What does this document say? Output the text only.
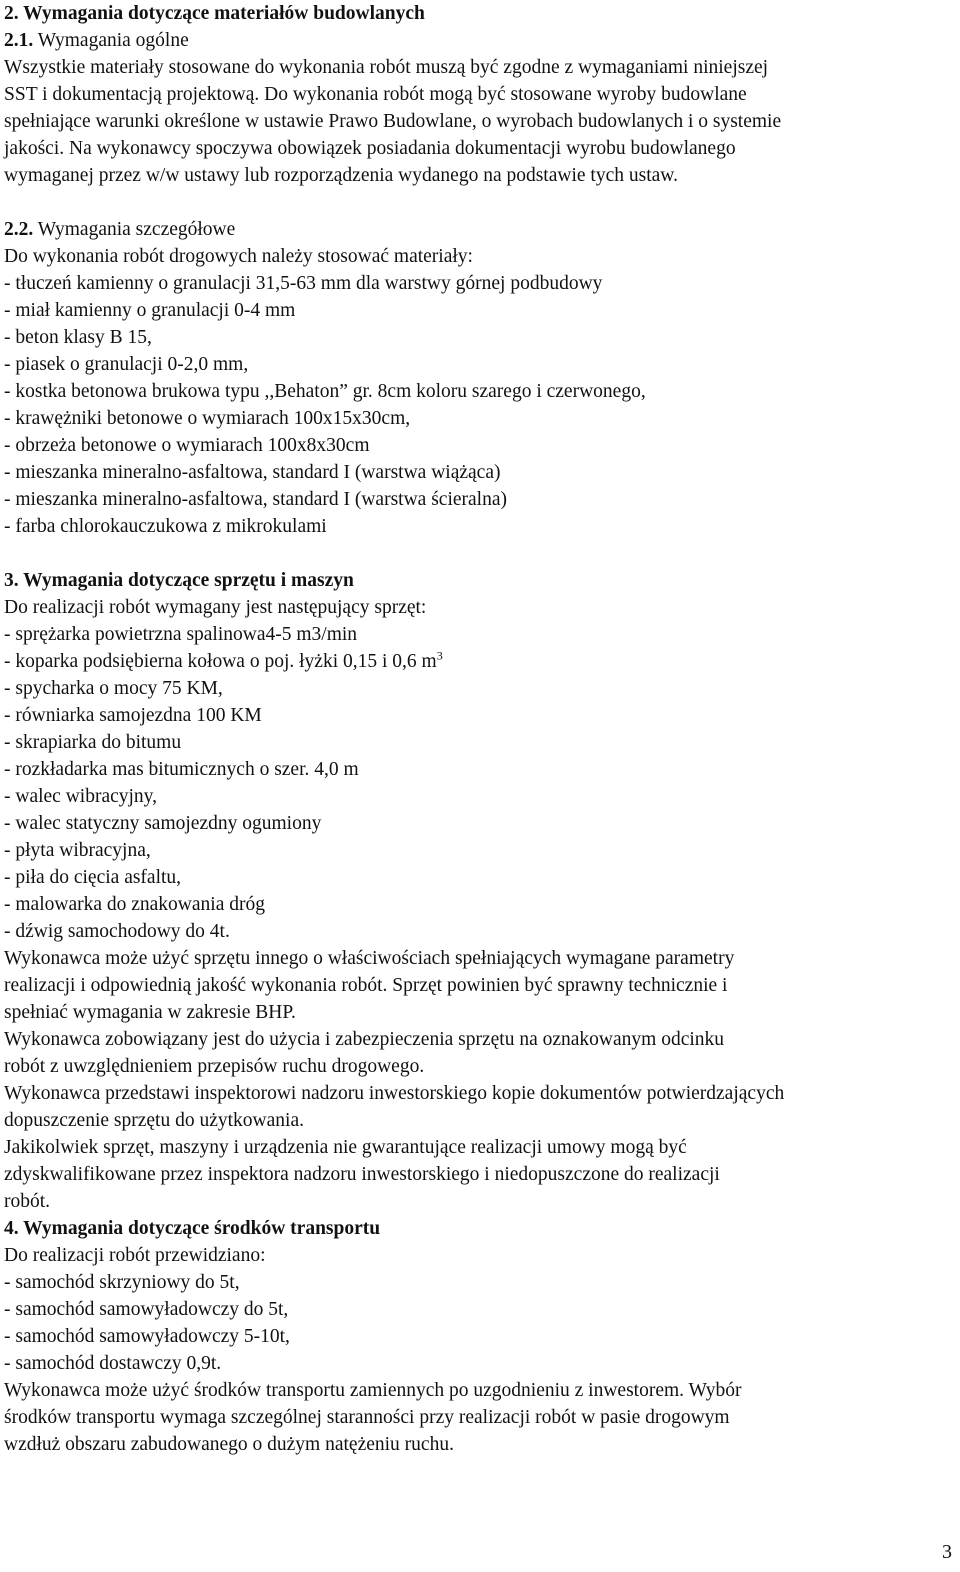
2. Wymagania dotyczące materiałów budowlanych
2.1. Wymagania ogólne
Wszystkie materiały stosowane do wykonania robót muszą być zgodne z wymaganiami niniejszej
SST i dokumentacją projektową. Do wykonania robót mogą być stosowane wyroby budowlane
spełniające warunki określone w ustawie Prawo Budowlane, o wyrobach budowlanych i o systemie
jakości. Na wykonawcy spoczywa obowiązek posiadania dokumentacji wyrobu budowlanego
wymaganej przez w/w ustawy lub rozporządzenia wydanego na podstawie tych ustaw.
2.2. Wymagania szczegółowe
Do wykonania robót drogowych należy stosować materiały:
- tłuczeń kamienny o granulacji 31,5-63 mm dla warstwy górnej podbudowy
- miał kamienny o granulacji 0-4 mm
- beton klasy B 15,
- piasek o granulacji 0-2,0 mm,
- kostka betonowa brukowa typu ,,Behaton” gr. 8cm koloru szarego i czerwonego,
- krawężniki betonowe o wymiarach 100x15x30cm,
- obrzeża betonowe o wymiarach 100x8x30cm
- mieszanka mineralno-asfaltowa, standard I (warstwa wiążąca)
- mieszanka mineralno-asfaltowa, standard I (warstwa ścieralna)
- farba chlorokauczukowa z mikrokulami
3. Wymagania dotyczące sprzętu i maszyn
Do realizacji robót wymagany jest następujący sprzęt:
- sprężarka powietrzna spalinowa4-5 m3/min
- koparka podsiębierna kołowa o poj. łyżki 0,15 i 0,6 $m^3$
- spycharka o mocy 75 KM,
- równiarka samojezdna 100 KM
- skrapiarka do bitumu
- rozkładarka mas bitumicznych o szer. 4,0 m
- walec wibracyjny,
- walec statyczny samojezdny ogumiony
- płyta wibracyjna,
- piła do cięcia asfaltu,
- malowarka do znakowania dróg
- dźwig samochodowy do 4t.
Wykonawca może użyć sprzętu innego o właściwościach spełniających wymagane parametry
realizacji i odpowiednią jakość wykonania robót. Sprzęt powinien być sprawny technicznie i
spełniać wymagania w zakresie BHP.
Wykonawca zobowiązany jest do użycia i zabezpieczenia sprzętu na oznakowanym odcinku
robót z uwzględnieniem przepisów ruchu drogowego.
Wykonawca przedstawi inspektorowi nadzoru inwestorskiego kopie dokumentów potwierdzających
dopuszczenie sprzętu do użytkowania.
Jakikolwiek sprzęt, maszyny i urządzenia nie gwarantujące realizacji umowy mogą być
zdyskwalifikowane przez inspektora nadzoru inwestorskiego i niedopuszczone do realizacji
robót.
4. Wymagania dotyczące środków transportu
Do realizacji robót przewidziano:
- samochód skrzyniowy do 5t,
- samochód samowyładowczy do 5t,
- samochód samowyładowczy 5-10t,
- samochód dostawczy 0,9t.
Wykonawca może użyć środków transportu zamiennych po uzgodnieniu z inwestorem. Wybór
środków transportu wymaga szczególnej staranności przy realizacji robót w pasie drogowym
wzdłuż obszaru zabudowanego o dużym natężeniu ruchu.
3
